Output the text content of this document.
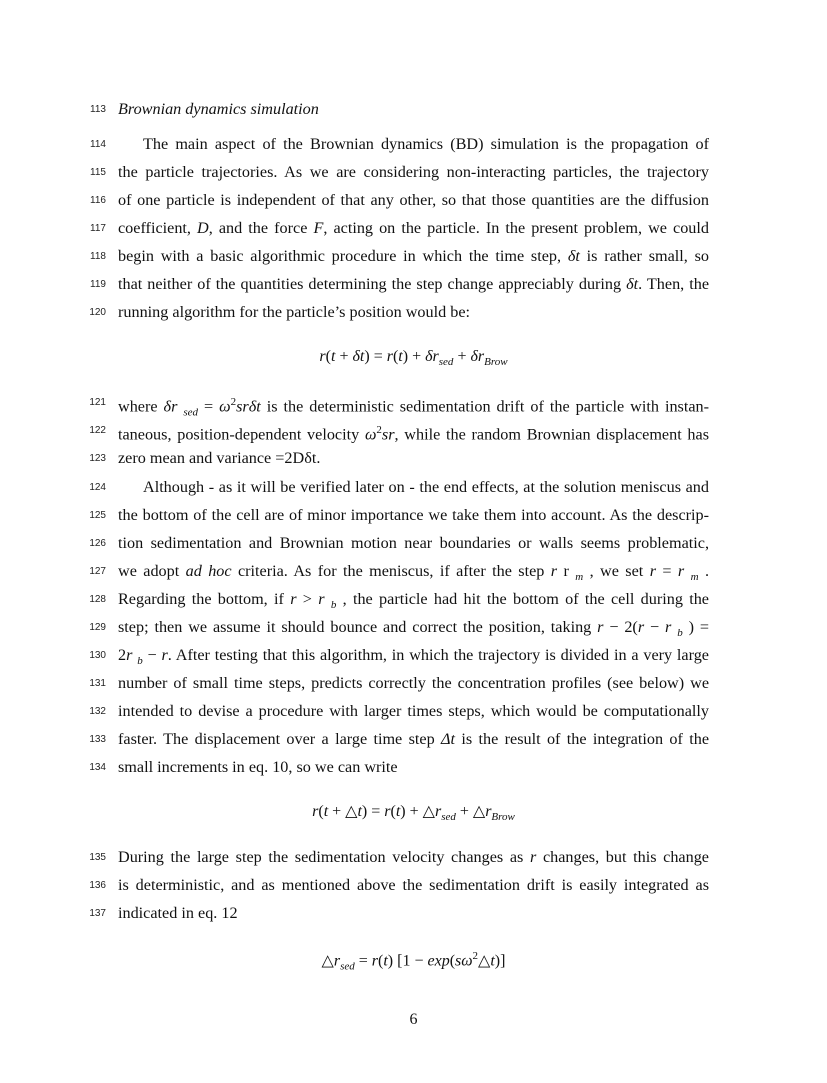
113 Brownian dynamics simulation
114 The main aspect of the Brownian dynamics (BD) simulation is the propagation of
115 the particle trajectories. As we are considering non-interacting particles, the trajectory
116 of one particle is independent of that any other, so that those quantities are the diffusion
117 coefficient, D, and the force F, acting on the particle. In the present problem, we could
118 begin with a basic algorithmic procedure in which the time step, δt is rather small, so
119 that neither of the quantities determining the step change appreciably during δt. Then, the
120 running algorithm for the particle’s position would be:
$r(t + \delta t) = r(t) + \delta r_{sed} + \delta r_{Brow}$
121 where δr $_{sed} = \omega^2sr\delta t$ is the deterministic sedimentation drift of the particle with instan-
122 taneous, position-dependent velocity $\omega^2sr$, while the random Brownian displacement has
123 zero mean and variance =2Dδt.
124 Although - as it will be verified later on - the end effects, at the solution meniscus and
125 the bottom of the cell are of minor importance we take them into account. As the descrip-
126 tion sedimentation and Brownian motion near boundaries or walls seems problematic,
127 we adopt ad hoc criteria. As for the meniscus, if after the step r r $_m$ , we set r = r $_m$ .
128 Regarding the bottom, if r > r $_b$ , the particle had hit the bottom of the cell during the
129 step; then we assume it should bounce and correct the position, taking r − 2(r − r $_b$ ) =
130 2r $_b$ − r. After testing that this algorithm, in which the trajectory is divided in a very large
131 number of small time steps, predicts correctly the concentration profiles (see below) we
132 intended to devise a procedure with larger times steps, which would be computationally
133 faster. The displacement over a large time step Δt is the result of the integration of the
134 small increments in eq. 10, so we can write
r(t + △t) = $r(t) + \triangle r_{sed}$ + $\triangle r_{Brow}$
135 During the large step the sedimentation velocity changes as r changes, but this change
136 is deterministic, and as mentioned above the sedimentation drift is easily integrated as
137 indicated in eq. 12
$\triangle r_{sed} = r(t) [1$ − $\exp(s\omega^2\triangle t)$]
6
